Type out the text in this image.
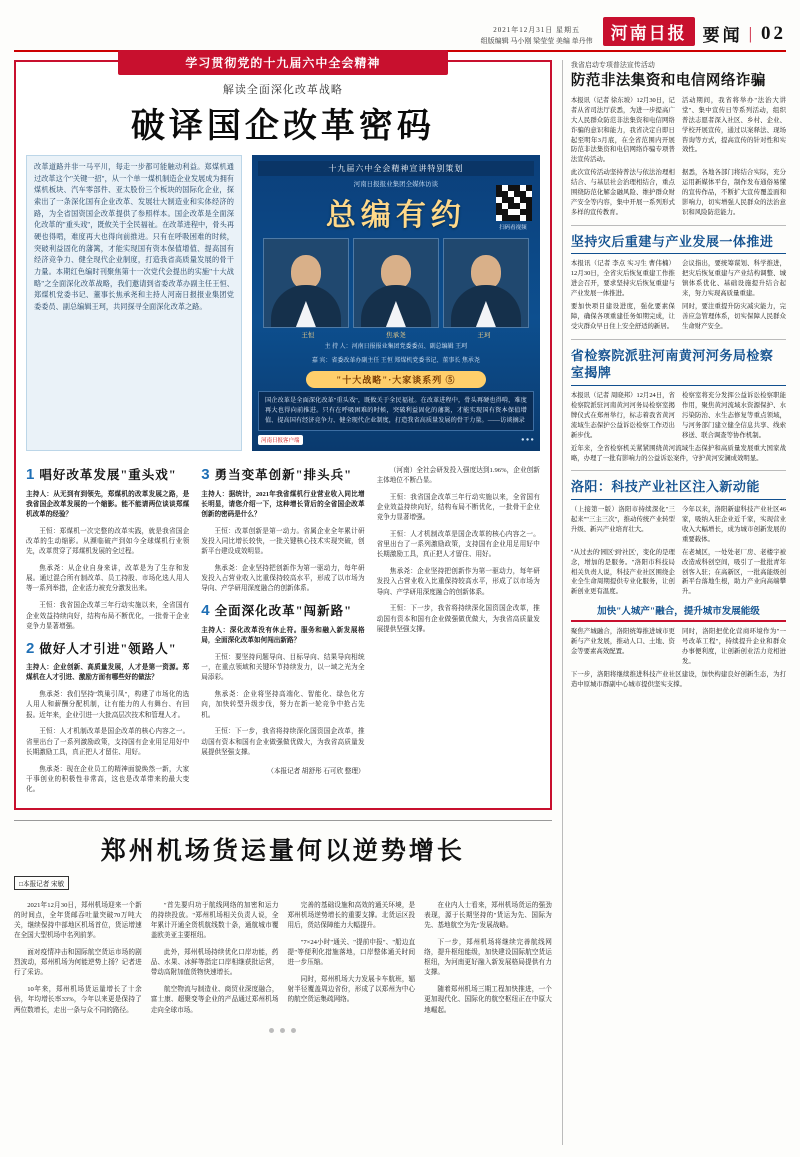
2021年12月31日 星期五
组版编辑 马小刚 梁莹莹 美编 单丹伟	河南日报 要闻 | 02
学习贯彻党的十九届六中全会精神
解读全面深化改革战略
破译国企改革密码
改革道路并非一马平川，每走一步都可能触动利益。郑煤机通过改革这个"关键一招"，从一个单一煤机制造企业发展成为拥有煤机板块、汽车零部件、亚太股份三个板块的国际化企业，探索出了一条深化国有企业改革、发展壮大制造业和实体经济的路，为全省国资国企改革提供了参照样本。国企改革是全面深化改革的"重头戏"，既攸关于全民福祉。在改革进程中，骨头再硬也得啃，难度再大也得向前推进。只有在呼吸困难的时候，突破利益固化的藩篱，才能实现国有资本保值增值、提高国有经济竞争力、健全现代企业制度，打造我省高质量发展的骨干力量。本期红色编时刊聚焦第十一次党代会提出的实施"十大战略"之全面深化改革战略，我们邀请到省委改革办副主任王恒、郑煤机党委书记、董事长焦承尧和主持人河南日报报业集团党委委员、副总编辑王珂，共同探寻全面深化改革之路。
十九届六中全会精神宣讲特别策划
河南日报报业集团全媒体访谈
总编有约	扫码看视频
王恒	焦承尧	王珂
主 持 人：河南日报报业集团党委委员、副总编辑 王珂
嘉 宾：省委改革办副主任 王恒 郑煤机党委书记、董事长 焦承尧
"十大战略"·大家谈系列 ⑤
国企改革是全面深化改革"重头戏"，既攸关于全民福祉。在改革进程中，骨头再硬也得啃，难度再大也得向前推进。只有在呼吸困难的时候，突破利益固化的藩篱，才能实现国有资本保值增值、提高国有经济竞争力、健全现代企业制度，打造我省高质量发展的骨干力量。——访谈摘录
河南日报客户端	● ● ●
1 唱好改革发展"重头戏"

主持人：从无到有到领先，郑煤机的改革发展之路，是我省国企改革发展的一个缩影。能不能请两位谈谈郑煤机改革的经验？

王恒：郑煤机一次完整的改革实践，就是我省国企改革的生动缩影。从濒临破产到如今全球煤机行业领先，改革贯穿了郑煤机发展的全过程。

焦承尧：从企业自身来讲，改革是为了生存和发展。通过混合所有制改革、员工持股、市场化选人用人等一系列举措，企业活力被充分激发出来。

王恒：我省国企改革三年行动实施以来，全省国有企业效益持续向好，结构布局不断优化，一批骨干企业竞争力显著增强。

2 做好人才引进"领路人"

主持人：企业创新、高质量发展，人才是第一资源。郑煤机在人才引进、激励方面有哪些好的做法？

焦承尧：我们坚持"筑巢引凤"，构建了市场化的选人用人和薪酬分配机制，让有能力的人有舞台、有回报。近年来，企业引进一大批高层次技术和管理人才。

王恒：人才机制改革是国企改革的核心内容之一。省里出台了一系列激励政策，支持国有企业用足用好中长期激励工具，真正把人才留住、用好。

焦承尧：现在企业员工的精神面貌焕然一新，大家干事创业的积极性非常高，这也是改革带来的最大变化。

3 勇当变革创新"排头兵"

主持人：据统计，2021年我省煤机行业营业收入同比增长明显，请您介绍一下，这种增长背后的全省国企改革创新的密码是什么？

王恒：改革创新是第一动力。省属企业全年累计研发投入同比增长较快，一批关键核心技术实现突破，创新平台建设成效明显。

焦承尧：企业坚持把创新作为第一驱动力，每年研发投入占营业收入比重保持较高水平，形成了以市场为导向、产学研用深度融合的创新体系。

4 全面深化改革"闯新路"

主持人：深化改革没有休止符。服务和融入新发展格局，全面深化改革如何闯出新路？

王恒：要坚持问题导向、目标导向、结果导向相统一，在重点领域和关键环节持续发力，以一域之光为全局添彩。

焦承尧：企业将坚持高端化、智能化、绿色化方向，加快转型升级步伐，努力在新一轮竞争中抢占先机。

王恒：下一步，我省将持续深化国资国企改革，推动国有资本和国有企业做强做优做大，为我省高质量发展提供坚强支撑。

（本报记者 胡舒彤 石可欣 整理）

（河南）全社会研发投入强度达到1.96%，企业创新主体地位不断凸显。

王恒：我省国企改革三年行动实施以来，全省国有企业效益持续向好，结构布局不断优化，一批骨干企业竞争力显著增强。

王恒：人才机制改革是国企改革的核心内容之一。省里出台了一系列激励政策，支持国有企业用足用好中长期激励工具，真正把人才留住、用好。

焦承尧：企业坚持把创新作为第一驱动力，每年研发投入占营业收入比重保持较高水平，形成了以市场为导向、产学研用深度融合的创新体系。

王恒：下一步，我省将持续深化国资国企改革，推动国有资本和国有企业做强做优做大，为我省高质量发展提供坚强支撑。

郑州机场货运量何以逆势增长
□本报记者 宋敏

2021年12月30日，郑州机场迎来一个新的时间点，全年货邮吞吐量突破70万吨大关，继续保持中部地区机场首位，货运增速在全国大型机场中名列前茅。

面对疫情冲击和国际航空货运市场的剧烈波动，郑州机场为何能逆势上扬？记者进行了采访。

10年来，郑州机场货运量增长了十余倍，年均增长率33%，今年以来更是保持了两位数增长，走出一条与众不同的路径。

"首先要归功于航线网络的加密和运力的持续投放。"郑州机场相关负责人说，全年累计开通全货机航线数十条，通航城市覆盖欧美亚主要枢纽。

此外，郑州机场持续优化口岸功能，药品、水果、冰鲜等指定口岸相继获批运营，带动高附加值货物快速增长。

航空物流与制造业、商贸业深度融合，富士康、超聚变等企业的产品通过郑州机场走向全球市场。

完善的基础设施和高效的通关环境，是郑州机场逆势增长的重要支撑。北货运区投用后，货站保障能力大幅提升。

"7×24小时"通关、"提前申报"、"船边直提"等便利化措施落地，口岸整体通关时间进一步压缩。

同时，郑州机场大力发展卡车航班，辐射半径覆盖周边省份，形成了以郑州为中心的航空货运集疏网络。

在业内人士看来，郑州机场货运的强劲表现，源于长期坚持的"货运为先、国际为先、基地航空为先"发展战略。

下一步，郑州机场将继续完善航线网络，提升枢纽能级，加快建设国际航空货运枢纽，为河南更好融入新发展格局提供有力支撑。

随着郑州机场三期工程加快推进，一个更加现代化、国际化的航空枢纽正在中原大地崛起。

我省启动专项普法宣传活动
防范非法集资和电信网络诈骗
本报讯（记者 徐东坡）12月30日，记者从省司法厅获悉，为进一步提高广大人民群众防范非法集资和电信网络诈骗的意识和能力，我省决定自即日起至明年3月底，在全省范围内开展防范非法集资和电信网络诈骗专项普法宣传活动。
活动期间，我省将举办"法治大讲堂"、集中宣传日等系列活动，组织普法志愿者深入社区、乡村、企业、学校开展宣传，通过以案释法、现场咨询等方式，提高宣传的针对性和实效性。
此次宣传活动坚持普法与依法治理相结合、与基层社会治理相结合，重点围绕防范化解金融风险、维护群众财产安全等内容，集中开展一系列形式多样的宣传教育。
据悉，各地各部门将结合实际，充分运用新媒体平台，制作发布通俗易懂的宣传作品，不断扩大宣传覆盖面和影响力，切实增强人民群众的法治意识和风险防范能力。
坚持灾后重建与产业发展一体推进
本报讯（记者 李点 实习生 曹伟楠）12月30日，全省灾后恢复重建工作推进会召开，要求坚持灾后恢复重建与产业发展一体推进。
会议指出，要统筹谋划、科学推进，把灾后恢复重建与产业结构调整、城镇体系优化、基础设施提升结合起来，努力实现高质量重建。
要加快项目建设进度，强化要素保障，确保各项重建任务如期完成，让受灾群众早日住上安全舒适的新居。
同时，要注重提升防灾减灾能力，完善应急管理体系，切实保障人民群众生命财产安全。
省检察院派驻河南黄河河务局检察室揭牌
本报讯（记者 周晓邦）12月24日，省检察院派驻河南黄河河务局检察室揭牌仪式在郑州举行，标志着我省黄河流域生态保护公益诉讼检察工作迈出新步伐。
检察室将充分发挥公益诉讼检察职能作用，聚焦黄河流域水资源保护、水污染防治、水生态修复等重点领域，与河务部门建立健全信息共享、线索移送、联合调查等协作机制。
近年来，全省检察机关紧紧围绕黄河流域生态保护和高质量发展重大国家战略，办理了一批有影响力的公益诉讼案件，守护黄河安澜成效明显。
洛阳：科技产业社区注入新动能
（上接第一版）洛阳市持续深化"三起来""三主三次"，推动传统产业转型升级、新兴产业培育壮大。
今年以来，洛阳新建科技产业社区46家，吸纳入驻企业近千家，实现营业收入大幅增长，成为城市创新发展的重要载体。
"从过去的'园区'到'社区'，变化的是理念，增加的是服务。"洛阳市科技局相关负责人说，科技产业社区围绕企业全生命周期提供专业化服务，让创新创业更有温度。
在老城区，一处处老厂房、老楼宇被改造成科创空间，吸引了一批批青年创客入驻；在高新区，一批高能级创新平台落地生根，助力产业向高端攀升。
加快"人城产"融合，提升城市发展能级
聚焦产城融合，洛阳统筹推进城市更新与产业发展，推动人口、土地、资金等要素高效配置。
同时，洛阳把优化营商环境作为"一号改革工程"，持续提升企业和群众办事便利度，让创新创业活力竞相迸发。
下一步，洛阳将继续推进科技产业社区建设，加快构建良好创新生态，为打造中原城市群副中心城市提供坚实支撑。
